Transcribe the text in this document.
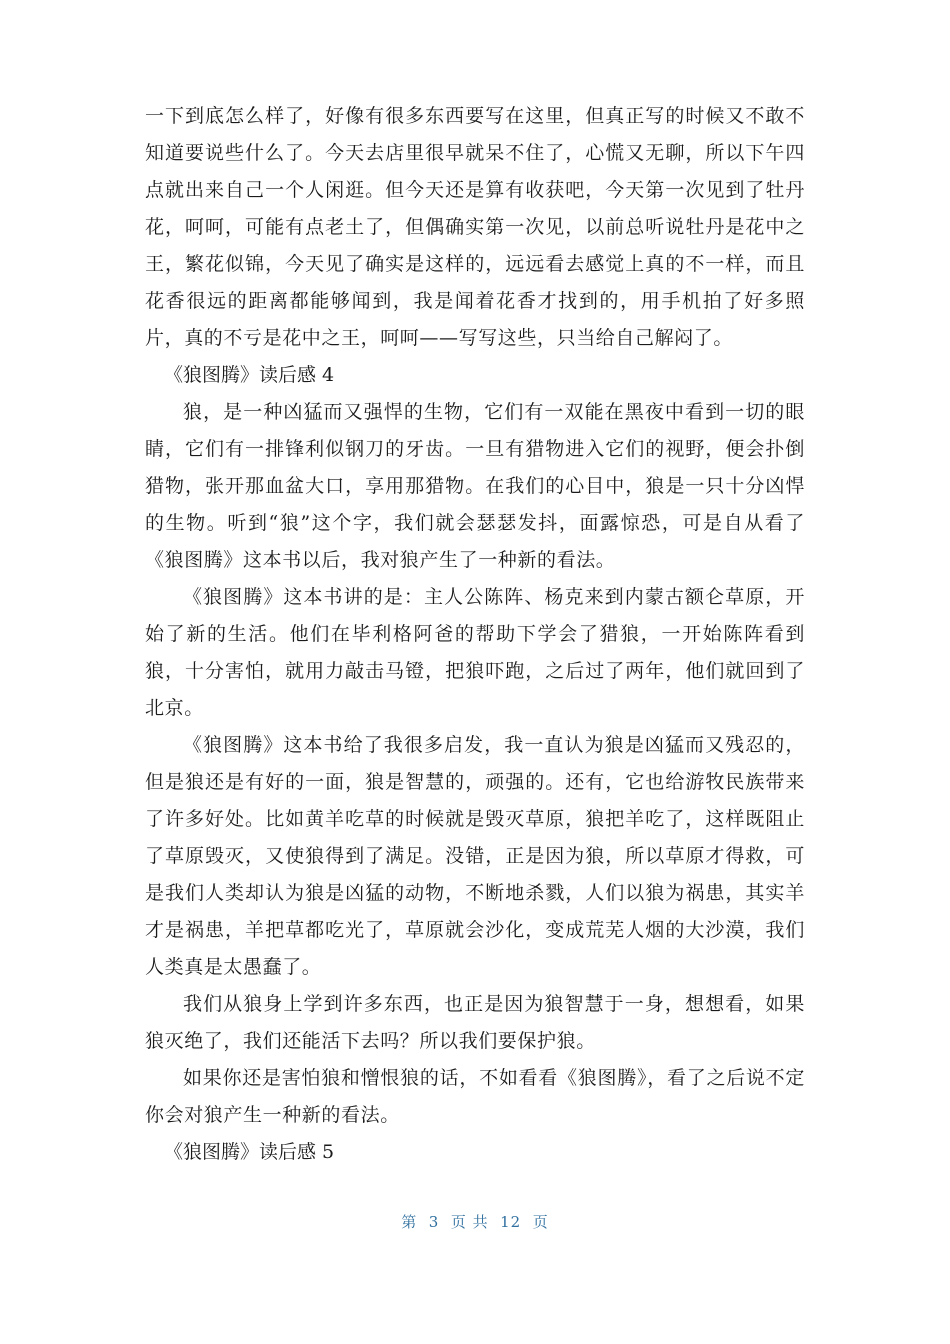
一下到底怎么样了，好像有很多东西要写在这里，但真正写的时候又不敢不知道要说些什么了。今天去店里很早就呆不住了，心慌又无聊，所以下午四点就出来自己一个人闲逛。但今天还是算有收获吧，今天第一次见到了牡丹花，呵呵，可能有点老土了，但偶确实第一次见，以前总听说牡丹是花中之王，繁花似锦，今天见了确实是这样的，远远看去感觉上真的不一样，而且花香很远的距离都能够闻到，我是闻着花香才找到的，用手机拍了好多照片，真的不亏是花中之王，呵呵——写写这些，只当给自己解闷了。

《狼图腾》读后感 4

狼，是一种凶猛而又强悍的生物，它们有一双能在黑夜中看到一切的眼睛，它们有一排锋利似钢刀的牙齿。一旦有猎物进入它们的视野，便会扑倒猎物，张开那血盆大口，享用那猎物。在我们的心目中，狼是一只十分凶悍的生物。听到“狼”这个字，我们就会瑟瑟发抖，面露惊恐，可是自从看了《狼图腾》这本书以后，我对狼产生了一种新的看法。

《狼图腾》这本书讲的是：主人公陈阵、杨克来到内蒙古额仑草原，开始了新的生活。他们在毕利格阿爸的帮助下学会了猎狼，一开始陈阵看到狼，十分害怕，就用力敲击马镫，把狼吓跑，之后过了两年，他们就回到了北京。

《狼图腾》这本书给了我很多启发，我一直认为狼是凶猛而又残忍的，但是狼还是有好的一面，狼是智慧的，顽强的。还有，它也给游牧民族带来了许多好处。比如黄羊吃草的时候就是毁灭草原，狼把羊吃了，这样既阻止了草原毁灭，又使狼得到了满足。没错，正是因为狼，所以草原才得救，可是我们人类却认为狼是凶猛的动物，不断地杀戮，人们以狼为祸患，其实羊才是祸患，羊把草都吃光了，草原就会沙化，变成荒芜人烟的大沙漠，我们人类真是太愚蠢了。

我们从狼身上学到许多东西，也正是因为狼智慧于一身，想想看，如果狼灭绝了，我们还能活下去吗？所以我们要保护狼。

如果你还是害怕狼和憎恨狼的话，不如看看《狼图腾》，看了之后说不定你会对狼产生一种新的看法。

《狼图腾》读后感 5

第  3  页 共  12  页
